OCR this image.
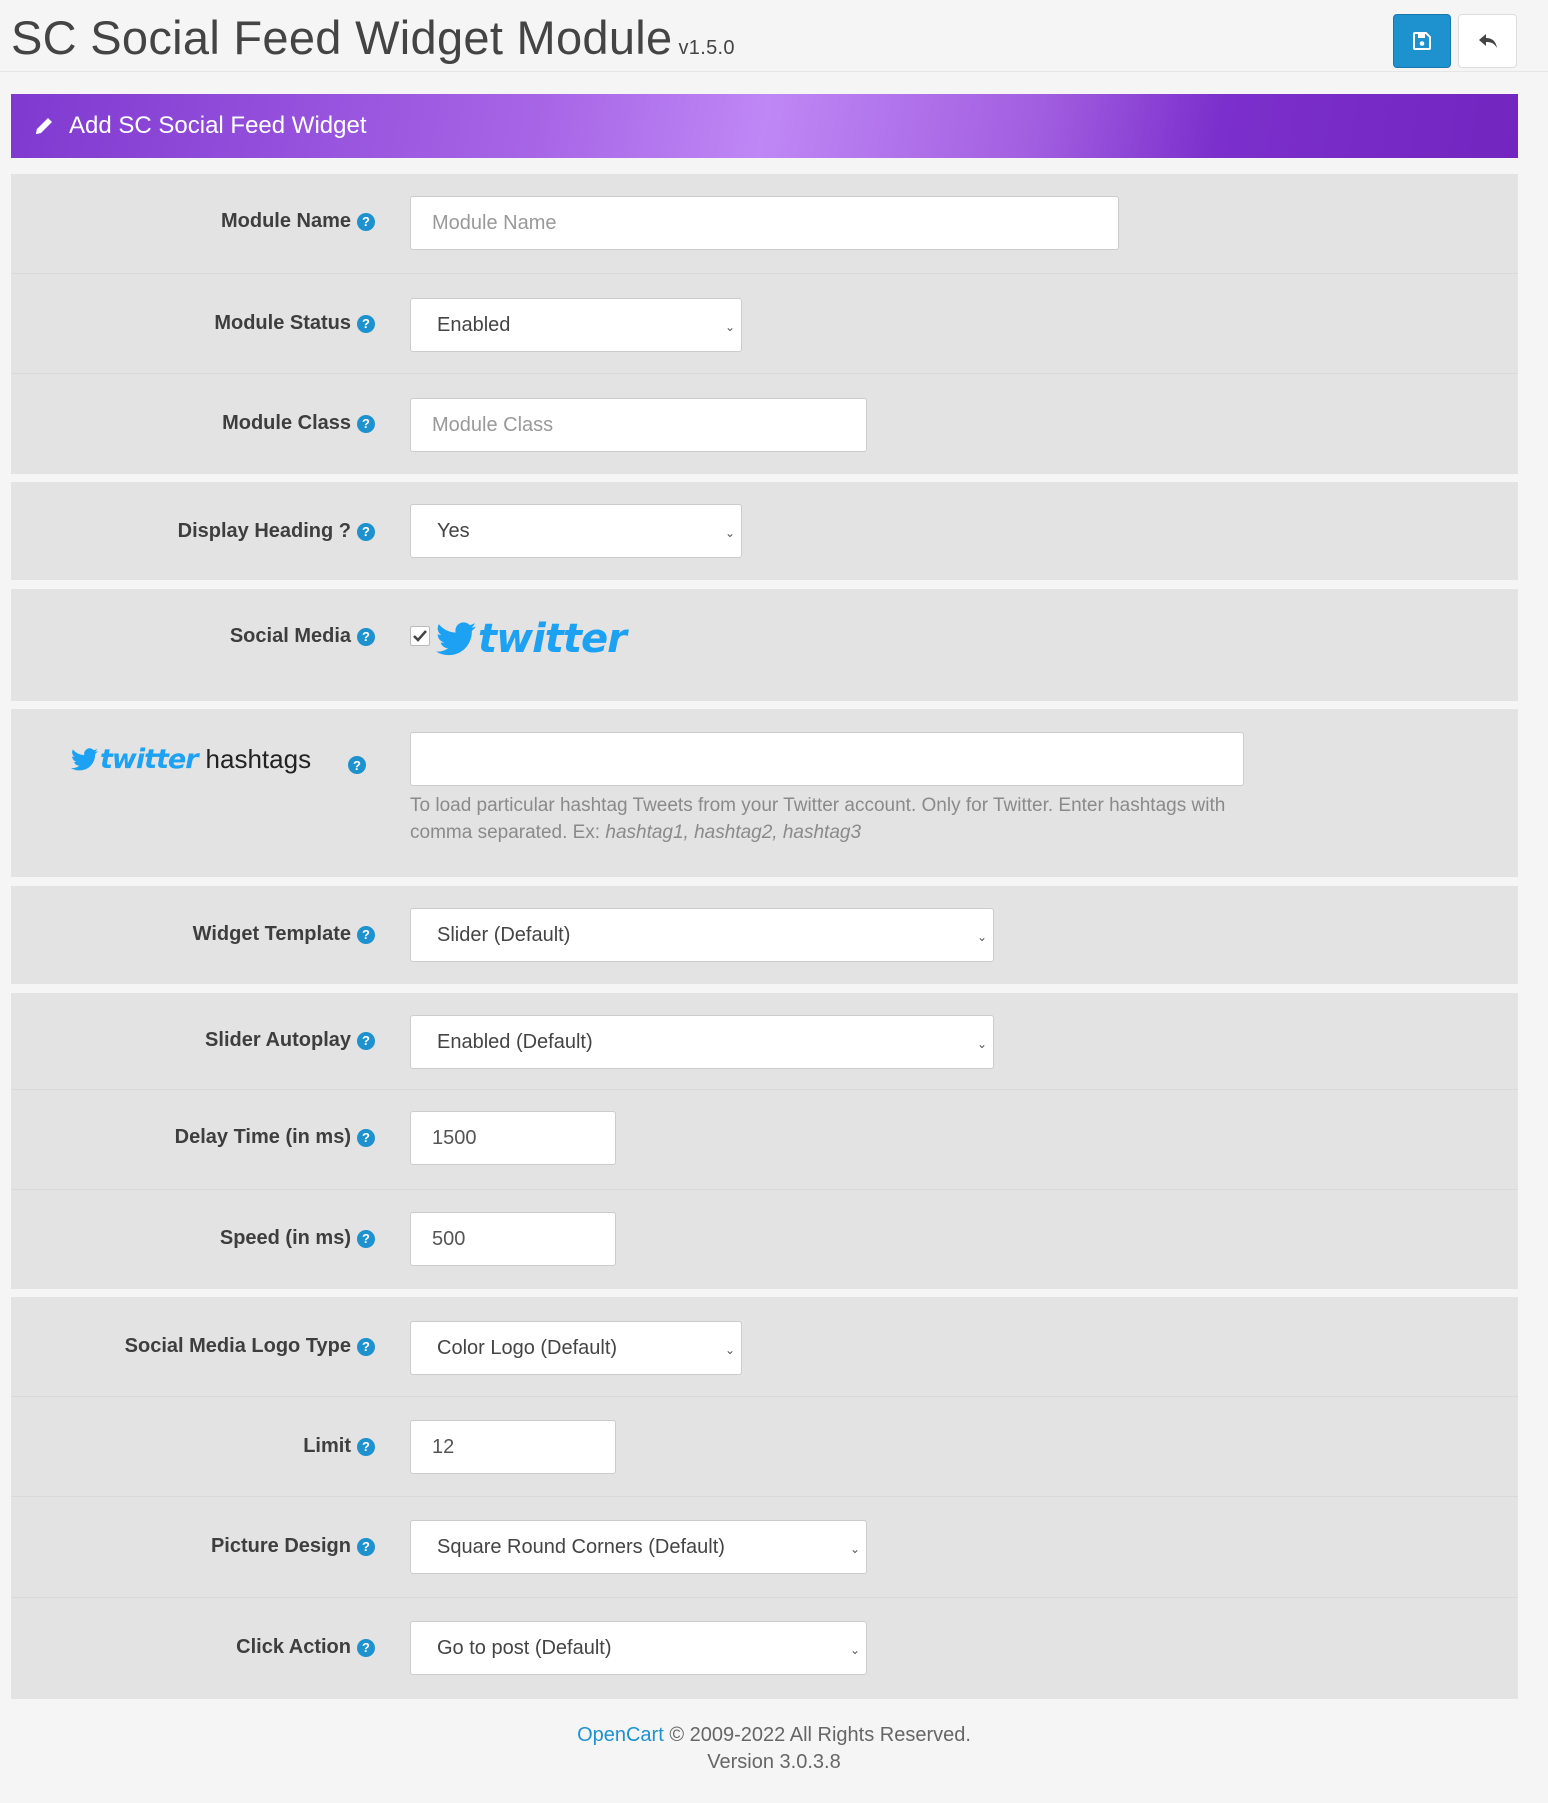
SC Social Feed Widget Module v1.5.0
Add SC Social Feed Widget
Module Name ?	Module Name
Module Status ?	Enabled	⌄
Module Class ?	Module Class
Display Heading ? ?	Yes	⌄
Social Media ?	twitter
twitter hashtags	?
To load particular hashtag Tweets from your Twitter account. Only for Twitter. Enter hashtags with comma separated. Ex: hashtag1, hashtag2, hashtag3
Widget Template ?	Slider (Default)	⌄
Slider Autoplay ?	Enabled (Default)	⌄
Delay Time (in ms) ?	1500
Speed (in ms) ?	500
Social Media Logo Type ?	Color Logo (Default)	⌄
Limit ?	12
Picture Design ?	Square Round Corners (Default)	⌄
Click Action ?	Go to post (Default)	⌄
OpenCart © 2009-2022 All Rights Reserved.
Version 3.0.3.8
